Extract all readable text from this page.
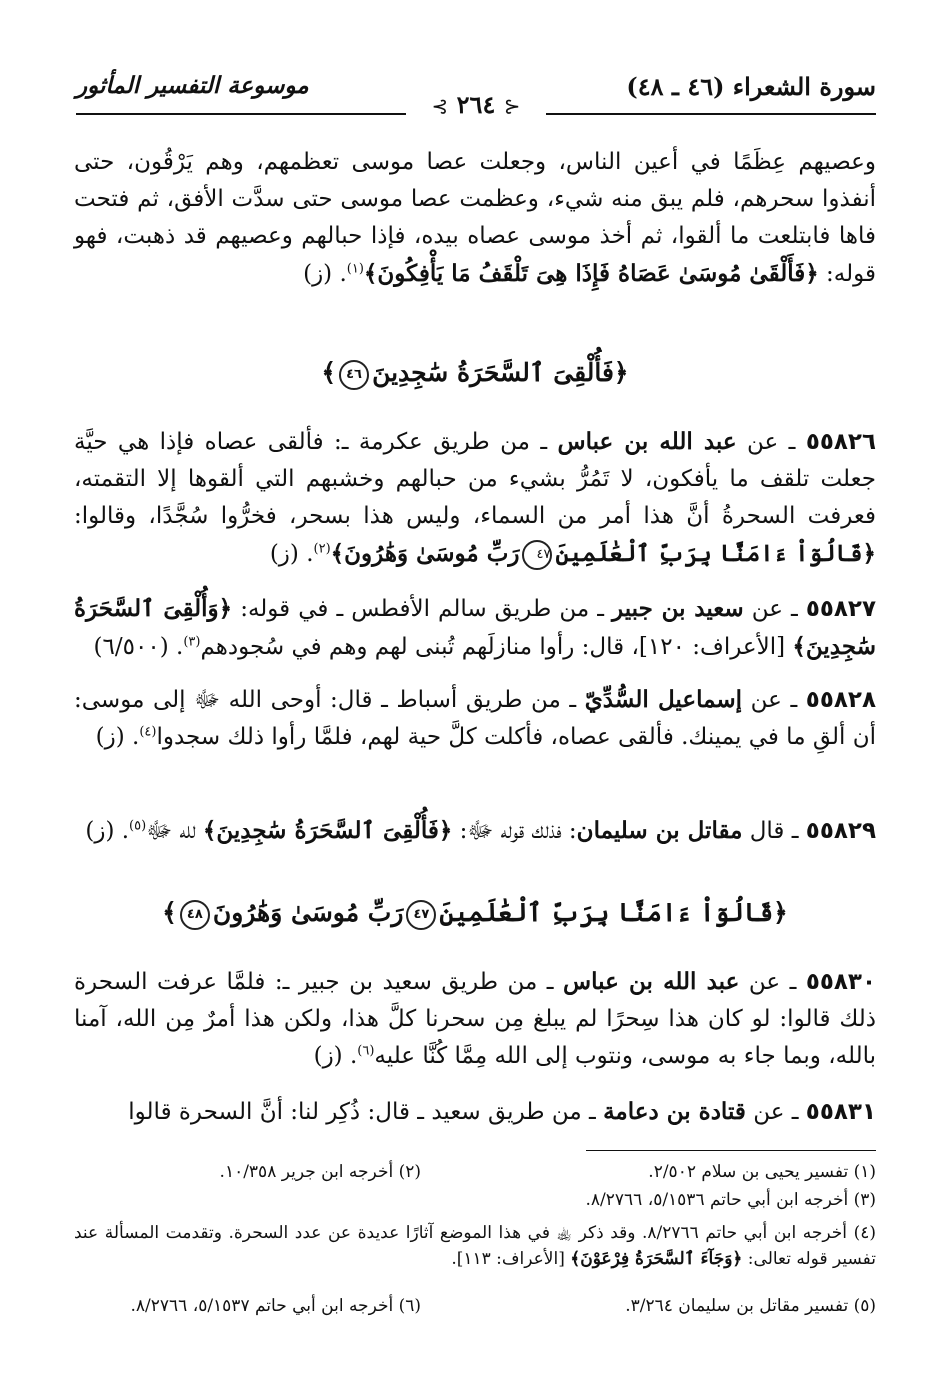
سورة الشعراء (٤٦ ـ ٤٨)
موسوعة التفسير المأثور
⊰ ٢٦٤ ⊱

وعصيهم عِظَمًا في أعين الناس، وجعلت عصا موسى تعظمهم، وهم يَرْقُون، حتى أنفذوا سحرهم، فلم يبق منه شيء، وعظمت عصا موسى حتى سدَّت الأفق، ثم فتحت فاها فابتلعت ما ألقوا، ثم أخذ موسى عصاه بيده، فإذا حبالهم وعصيهم قد ذهبت، فهو قوله: ﴿فَأَلْقَىٰ مُوسَىٰ عَصَاهُ فَإِذَا هِىَ تَلْقَفُ مَا يَأْفِكُونَ﴾$^{(١)}$. (ز)

﴿فَأُلْقِىَ ٱلسَّحَرَةُ سَٰجِدِينَ٤٦﴾

٥٥٨٢٦ ـ عن عبد الله بن عباس ـ من طريق عكرمة ـ: فألقى عصاه فإذا هي حيَّة جعلت تلقف ما يأفكون، لا تَمُرُّ بشيء من حبالهم وخشبهم التي ألقوها إلا التقمته، فعرفت السحرةُ أنَّ هذا أمر من السماء، وليس هذا بسحر، فخرُّوا سُجَّدًا، وقالوا: ﴿قَالُوٓاْ ءَامَنَّا بِرَبِّ ٱلْعَٰلَمِينَ٤٧رَبِّ مُوسَىٰ وَهَٰرُونَ﴾$^{(٢)}$. (ز)

٥٥٨٢٧ ـ عن سعيد بن جبير ـ من طريق سالم الأفطس ـ في قوله: ﴿وَأُلْقِىَ ٱلسَّحَرَةُ سَٰجِدِينَ﴾ [الأعراف: ١٢٠]، قال: رأوا منازلَهم تُبنى لهم وهم في سُجودهم$^{(٣)}$. (٦/٥٠٠)

٥٥٨٢٨ ـ عن إسماعيل السُّدِّيّ ـ من طريق أسباط ـ قال: أوحى الله ﷻ إلى موسى: أن ألقِ ما في يمينك. فألقى عصاه، فأكلت كلَّ حية لهم، فلمَّا رأوا ذلك سجدوا$^{(٤)}$. (ز)

٥٥٨٢٩ ـ قال مقاتل بن سليمان: فذلك قوله ﷻ: ﴿فَأُلْقِىَ ٱلسَّحَرَةُ سَٰجِدِينَ﴾ لله ﷻ$^{(٥)}$. (ز)

﴿قَالُوٓاْ ءَامَنَّا بِرَبِّ ٱلْعَٰلَمِينَ٤٧رَبِّ مُوسَىٰ وَهَٰرُونَ٤٨﴾

٥٥٨٣٠ ـ عن عبد الله بن عباس ـ من طريق سعيد بن جبير ـ: فلمَّا عرفت السحرة ذلك قالوا: لو كان هذا سِحرًا لم يبلغ مِن سحرنا كلَّ هذا، ولكن هذا أمرٌ مِن الله، آمنا بالله، وبما جاء به موسى، ونتوب إلى الله مِمَّا كُنَّا عليه$^{(٦)}$. (ز)

٥٥٨٣١ ـ عن قتادة بن دعامة ـ من طريق سعيد ـ قال: ذُكِر لنا: أنَّ السحرة قالوا

(١) تفسير يحيى بن سلام ٢/٥٠٢.
(٢) أخرجه ابن جرير ١٠/٣٥٨.
(٣) أخرجه ابن أبي حاتم ٥/١٥٣٦، ٨/٢٧٦٦.

(٤) أخرجه ابن أبي حاتم ٨/٢٧٦٦. وقد ذكر ﵀ في هذا الموضع آثارًا عديدة عن عدد السحرة. وتقدمت المسألة عند تفسير قوله تعالى: ﴿وَجَآءَ ٱلسَّحَرَةُ فِرْعَوْنَ﴾ [الأعراف: ١١٣].

(٥) تفسير مقاتل بن سليمان ٣/٢٦٤.
(٦) أخرجه ابن أبي حاتم ٥/١٥٣٧، ٨/٢٧٦٦.
